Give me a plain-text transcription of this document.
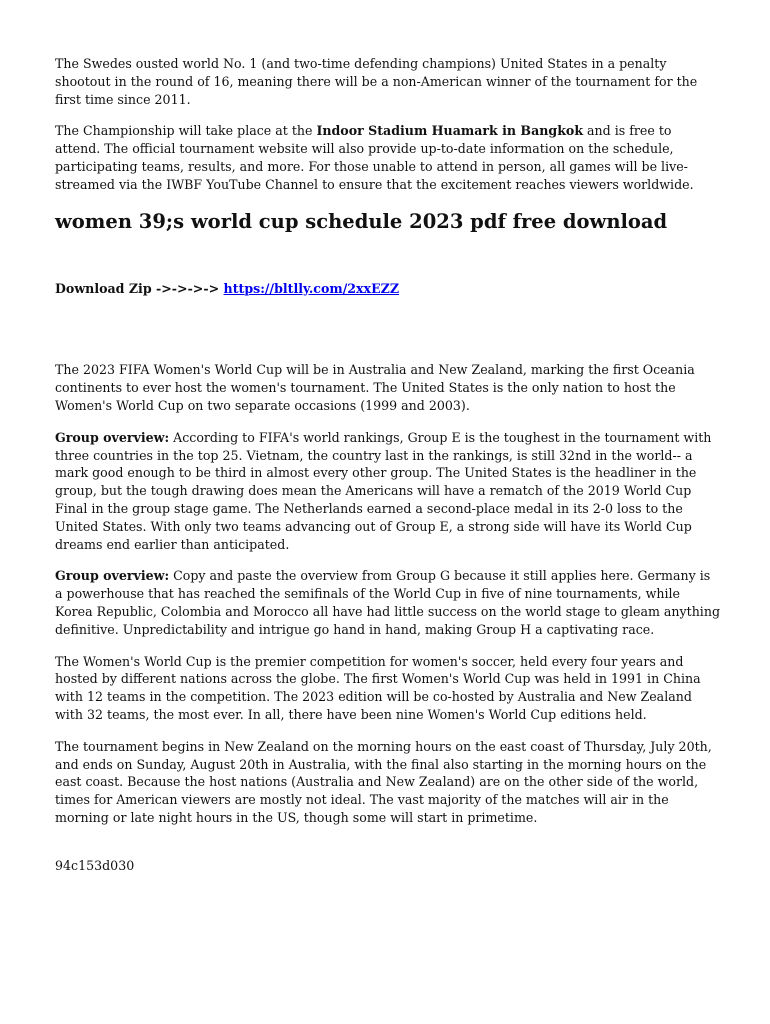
The Swedes ousted world No. 1 (and two-time defending champions) United States in a penalty shootout in the round of 16, meaning there will be a non-American winner of the tournament for the first time since 2011.

The Championship will take place at the Indoor Stadium Huamark in Bangkok and is free to attend. The official tournament website will also provide up-to-date information on the schedule, participating teams, results, and more. For those unable to attend in person, all games will be live-streamed via the IWBF YouTube Channel to ensure that the excitement reaches viewers worldwide.

women 39;s world cup schedule 2023 pdf free download
Download Zip ->->->-> https://bltlly.com/2xxEZZ

The 2023 FIFA Women's World Cup will be in Australia and New Zealand, marking the first Oceania continents to ever host the women's tournament. The United States is the only nation to host the Women's World Cup on two separate occasions (1999 and 2003).

Group overview: According to FIFA's world rankings, Group E is the toughest in the tournament with three countries in the top 25. Vietnam, the country last in the rankings, is still 32nd in the world-- a mark good enough to be third in almost every other group. The United States is the headliner in the group, but the tough drawing does mean the Americans will have a rematch of the 2019 World Cup Final in the group stage game. The Netherlands earned a second-place medal in its 2-0 loss to the United States. With only two teams advancing out of Group E, a strong side will have its World Cup dreams end earlier than anticipated.

Group overview: Copy and paste the overview from Group G because it still applies here. Germany is a powerhouse that has reached the semifinals of the World Cup in five of nine tournaments, while Korea Republic, Colombia and Morocco all have had little success on the world stage to gleam anything definitive. Unpredictability and intrigue go hand in hand, making Group H a captivating race.

The Women's World Cup is the premier competition for women's soccer, held every four years and hosted by different nations across the globe. The first Women's World Cup was held in 1991 in China with 12 teams in the competition. The 2023 edition will be co-hosted by Australia and New Zealand with 32 teams, the most ever. In all, there have been nine Women's World Cup editions held.

The tournament begins in New Zealand on the morning hours on the east coast of Thursday, July 20th, and ends on Sunday, August 20th in Australia, with the final also starting in the morning hours on the east coast. Because the host nations (Australia and New Zealand) are on the other side of the world, times for American viewers are mostly not ideal. The vast majority of the matches will air in the morning or late night hours in the US, though some will start in primetime.

94c153d030
